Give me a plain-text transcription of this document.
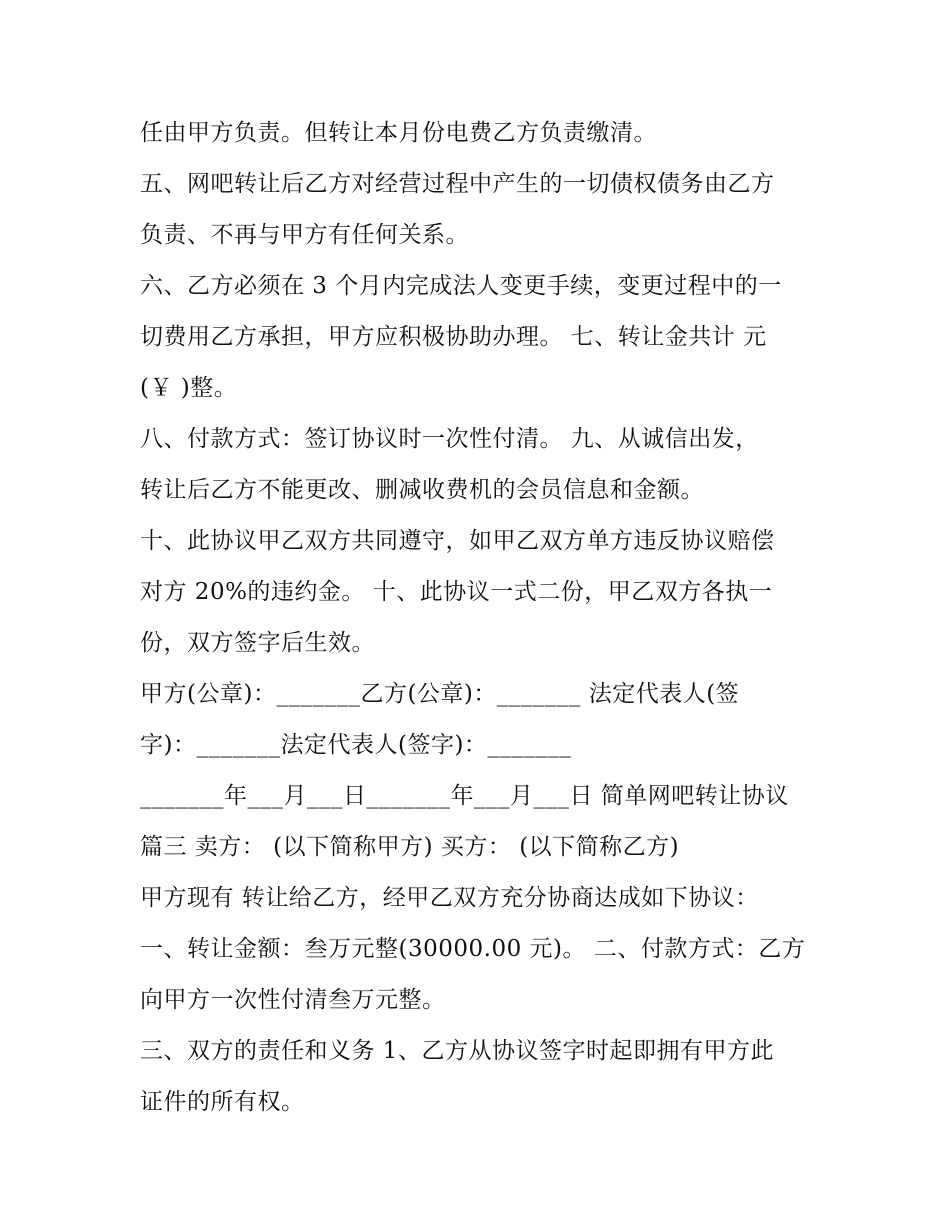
任由甲方负责。但转让本月份电费乙方负责缴清。
五、网吧转让后乙方对经营过程中产生的一切债权债务由乙方
负责、不再与甲方有任何关系。
六、乙方必须在 3 个月内完成法人变更手续，变更过程中的一
切费用乙方承担，甲方应积极协助办理。 七、转让金共计 元
(￥ )整。
八、付款方式：签订协议时一次性付清。 九、从诚信出发，
转让后乙方不能更改、删减收费机的会员信息和金额。
十、此协议甲乙双方共同遵守，如甲乙双方单方违反协议赔偿
对方 20%的违约金。 十、此协议一式二份，甲乙双方各执一
份，双方签字后生效。
甲方(公章)：_______乙方(公章)：_______ 法定代表人(签
字)：_______法定代表人(签字)：_______
_______年___月___日_______年___月___日 简单网吧转让协议
篇三 卖方： (以下简称甲方) 买方： (以下简称乙方)
甲方现有 转让给乙方，经甲乙双方充分协商达成如下协议：
一、转让金额：叁万元整(30000.00 元)。 二、付款方式：乙方
向甲方一次性付清叁万元整。
三、双方的责任和义务 1、乙方从协议签字时起即拥有甲方此
证件的所有权。
